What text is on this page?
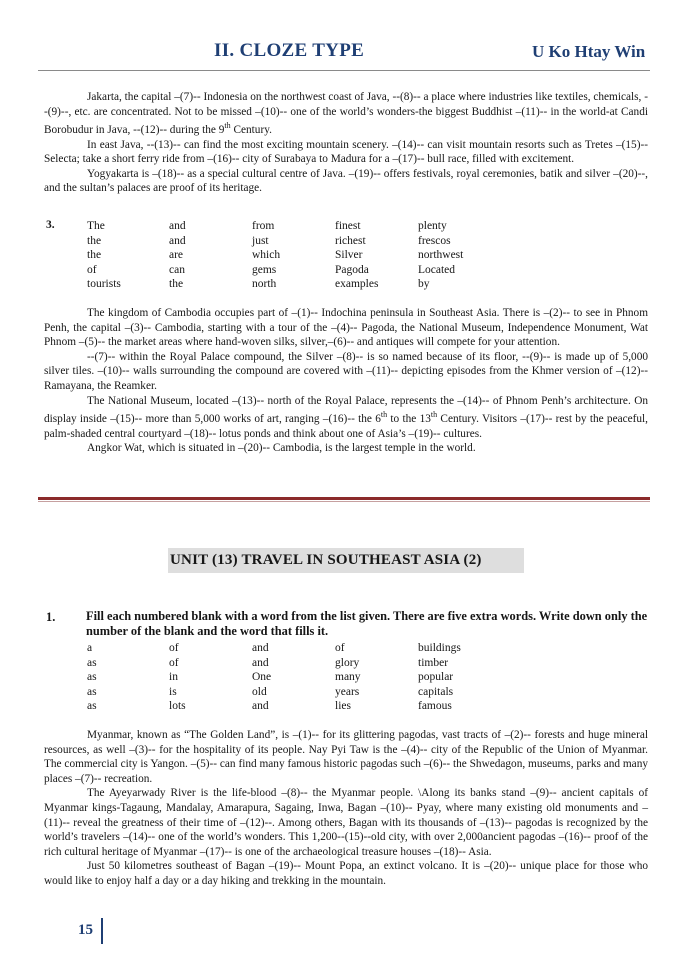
II. CLOZE TYPE	U Ko Htay Win

Jakarta, the capital –(7)-- Indonesia on the northwest coast of Java, --(8)-- a place where industries like textiles, chemicals, --(9)--, etc. are concentrated. Not to be missed –(10)-- one of the world’s wonders-the biggest Buddhist –(11)-- in the world-at Candi Borobudur in Java, --(12)-- during the 9th Century.

In east Java, --(13)-- can find the most exciting mountain scenery. –(14)-- can visit mountain resorts such as Tretes –(15)-- Selecta; take a short ferry ride from –(16)-- city of Surabaya to Madura for a –(17)-- bull race, filled with excitement.

Yogyakarta is –(18)-- as a special cultural centre of Java. –(19)-- offers festivals, royal ceremonies, batik and silver –(20)--, and the sultan’s palaces are proof of its heritage.

3.	The
the
the
of
tourists
and
and
are
can
the
from
just
which
gems
north
finest
richest
Silver
Pagoda
examples
plenty
frescos
northwest
Located
by

The kingdom of Cambodia occupies part of –(1)-- Indochina peninsula in Southeast Asia. There is –(2)-- to see in Phnom Penh, the capital –(3)-- Cambodia, starting with a tour of the –(4)-- Pagoda, the National Museum, Independence Monument, Wat Phnom –(5)-- the market areas where hand-woven silks, silver,–(6)-- and antiques will compete for your attention.

--(7)-- within the Royal Palace compound, the Silver –(8)-- is so named because of its floor, --(9)-- is made up of 5,000 silver tiles. –(10)-- walls surrounding the compound are covered with –(11)-- depicting episodes from the Khmer version of –(12)-- Ramayana, the Reamker.

The National Museum, located –(13)-- north of the Royal Palace, represents the –(14)-- of Phnom Penh’s architecture. On display inside –(15)-- more than 5,000 works of art, ranging –(16)-- the 6th to the 13th Century. Visitors –(17)-- rest by the peaceful, palm-shaded central courtyard –(18)-- lotus ponds and think about one of Asia’s –(19)-- cultures.

Angkor Wat, which is situated in –(20)-- Cambodia, is the largest temple in the world.

UNIT (13) TRAVEL IN SOUTHEAST ASIA (2)
1. Fill each numbered blank with a word from the list given. There are five extra words. Write down only the number of the blank and the word that fills it.
a
as
as
as
as
of
of
in
is
lots
and
and
One
old
and
of
glory
many
years
lies
buildings
timber
popular
capitals
famous

Myanmar, known as “The Golden Land”, is –(1)-- for its glittering pagodas, vast tracts of –(2)-- forests and huge mineral resources, as well –(3)-- for the hospitality of its people. Nay Pyi Taw is the –(4)-- city of the Republic of the Union of Myanmar. The commercial city is Yangon. –(5)-- can find many famous historic pagodas such –(6)-- the Shwedagon, museums, parks and many places –(7)-- recreation.

The Ayeyarwady River is the life-blood –(8)-- the Myanmar people. \Along its banks stand –(9)-- ancient capitals of Myanmar kings-Tagaung, Mandalay, Amarapura, Sagaing, Inwa, Bagan –(10)-- Pyay, where many existing old monuments and –(11)-- reveal the greatness of their time of –(12)--. Among others, Bagan with its thousands of –(13)-- pagodas is recognized by the world’s travelers –(14)-- one of the world’s wonders. This 1,200--(15)--old city, with over 2,000ancient pagodas –(16)-- proof of the rich cultural heritage of Myanmar –(17)-- is one of the archaeological treasure houses –(18)-- Asia.

Just 50 kilometres southeast of Bagan –(19)-- Mount Popa, an extinct volcano. It is –(20)-- unique place for those who would like to enjoy half a day or a day hiking and trekking in the mountain.

15
